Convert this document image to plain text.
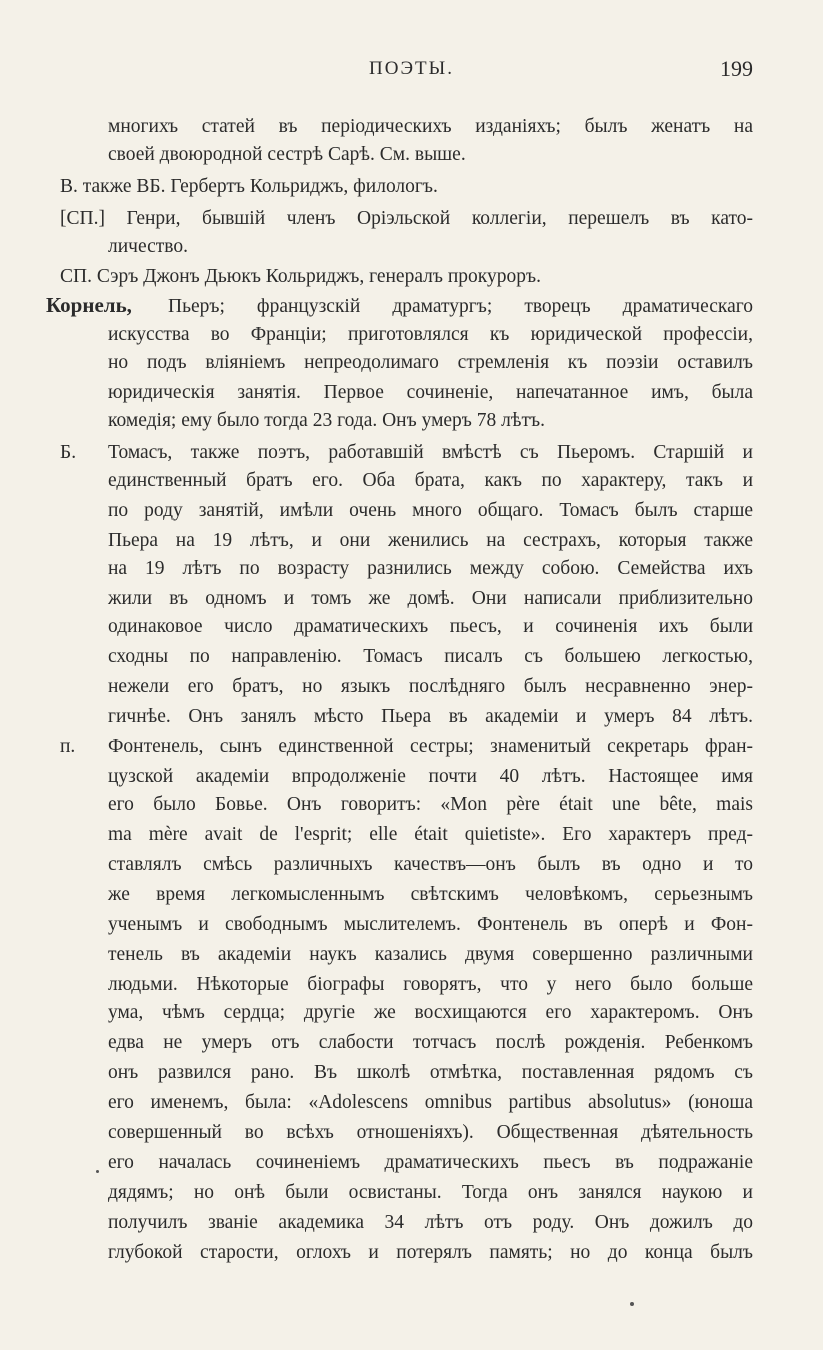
ПОЭТЫ.	199
многихъ статей въ періодическихъ изданіяхъ; былъ женатъ на
своей двоюродной сестрѣ Сарѣ. См. выше.
В. также ВБ. Гербертъ Кольриджъ, филологъ.
[СП.] Генри, бывшій членъ Оріэльской коллегіи, перешелъ въ като-
личество.
СП. Сэръ Джонъ Дьюкъ Кольриджъ, генералъ прокуроръ.
Корнель, Пьеръ; французскій драматургъ; творецъ драматическаго
искусства во Франціи; приготовлялся къ юридической профессіи,
но подъ вліяніемъ непреодолимаго стремленія къ поэзіи оставилъ
юридическія занятія. Первое сочиненіе, напечатанное имъ, была
комедія; ему было тогда 23 года. Онъ умеръ 78 лѣтъ.
Б. Томасъ, также поэтъ, работавшій вмѣстѣ съ Пьеромъ. Старшій и
единственный братъ его. Оба брата, какъ по характеру, такъ и
по роду занятій, имѣли очень много общаго. Томасъ былъ старше
Пьера на 19 лѣтъ, и они женились на сестрахъ, которыя также
на 19 лѣтъ по возрасту разнились между собою. Семейства ихъ
жили въ одномъ и томъ же домѣ. Они написали приблизительно
одинаковое число драматическихъ пьесъ, и сочиненія ихъ были
сходны по направленію. Томасъ писалъ съ большею легкостью,
нежели его братъ, но языкъ послѣдняго былъ несравненно энер-
гичнѣе. Онъ занялъ мѣсто Пьера въ академіи и умеръ 84 лѣтъ.
п. Фонтенель, сынъ единственной сестры; знаменитый секретарь фран-
цузской академіи впродолженіе почти 40 лѣтъ. Настоящее имя
его было Бовье. Онъ говоритъ: «Mon père était une bête, mais
ma mère avait de l'esprit; elle était quietiste». Его характеръ пред-
ставлялъ смѣсь различныхъ качествъ—онъ былъ въ одно и то
же время легкомысленнымъ свѣтскимъ человѣкомъ, серьезнымъ
ученымъ и свободнымъ мыслителемъ. Фонтенель въ оперѣ и Фон-
тенель въ академіи наукъ казались двумя совершенно различными
людьми. Нѣкоторые біографы говорятъ, что у него было больше
ума, чѣмъ сердца; другіе же восхищаются его характеромъ. Онъ
едва не умеръ отъ слабости тотчасъ послѣ рожденія. Ребенкомъ
онъ развился рано. Въ школѣ отмѣтка, поставленная рядомъ съ
его именемъ, была: «Adolescens omnibus partibus absolutus» (юноша
совершенный во всѣхъ отношеніяхъ). Общественная дѣятельность
его началась сочиненіемъ драматическихъ пьесъ въ подражаніе
дядямъ; но онѣ были освистаны. Тогда онъ занялся наукою и
получилъ званіе академика 34 лѣтъ отъ роду. Онъ дожилъ до
глубокой старости, оглохъ и потерялъ память; но до конца былъ
